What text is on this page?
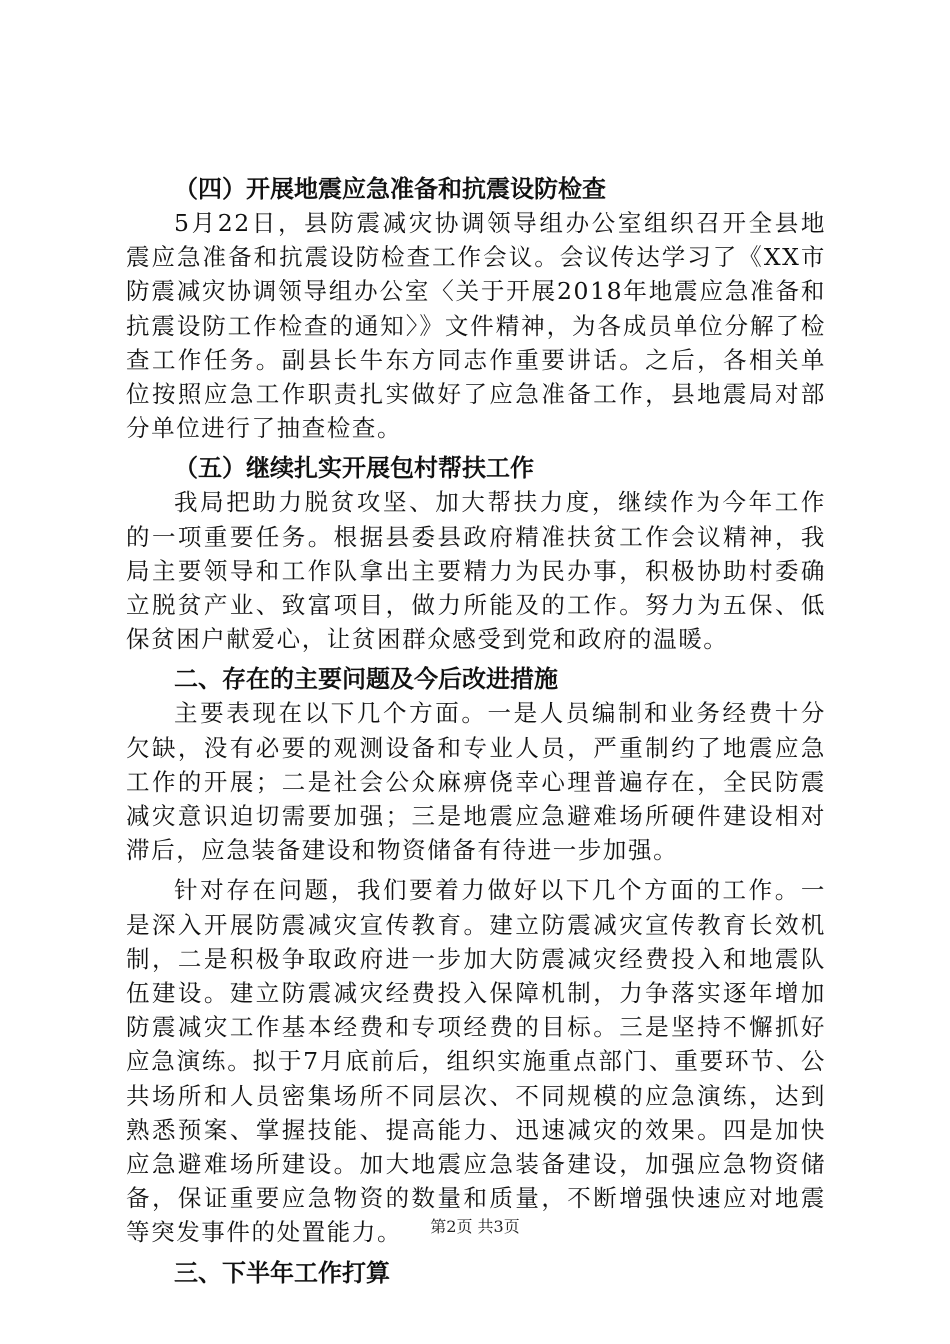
（四）开展地震应急准备和抗震设防检查

5月22日，县防震减灾协调领导组办公室组织召开全县地震应急准备和抗震设防检查工作会议。会议传达学习了《XX市防震减灾协调领导组办公室〈关于开展2018年地震应急准备和抗震设防工作检查的通知〉》文件精神，为各成员单位分解了检查工作任务。副县长牛东方同志作重要讲话。之后，各相关单位按照应急工作职责扎实做好了应急准备工作，县地震局对部分单位进行了抽查检查。

（五）继续扎实开展包村帮扶工作

我局把助力脱贫攻坚、加大帮扶力度，继续作为今年工作的一项重要任务。根据县委县政府精准扶贫工作会议精神，我局主要领导和工作队拿出主要精力为民办事，积极协助村委确立脱贫产业、致富项目，做力所能及的工作。努力为五保、低保贫困户献爱心，让贫困群众感受到党和政府的温暖。

二、存在的主要问题及今后改进措施

主要表现在以下几个方面。一是人员编制和业务经费十分欠缺，没有必要的观测设备和专业人员，严重制约了地震应急工作的开展；二是社会公众麻痹侥幸心理普遍存在，全民防震减灾意识迫切需要加强；三是地震应急避难场所硬件建设相对滞后，应急装备建设和物资储备有待进一步加强。

针对存在问题，我们要着力做好以下几个方面的工作。一是深入开展防震减灾宣传教育。建立防震减灾宣传教育长效机制，二是积极争取政府进一步加大防震减灾经费投入和地震队伍建设。建立防震减灾经费投入保障机制，力争落实逐年增加防震减灾工作基本经费和专项经费的目标。三是坚持不懈抓好应急演练。拟于7月底前后，组织实施重点部门、重要环节、公共场所和人员密集场所不同层次、不同规模的应急演练，达到熟悉预案、掌握技能、提高能力、迅速减灾的效果。四是加快应急避难场所建设。加大地震应急装备建设，加强应急物资储备，保证重要应急物资的数量和质量，不断增强快速应对地震等突发事件的处置能力。

三、下半年工作打算
第2页 共3页
